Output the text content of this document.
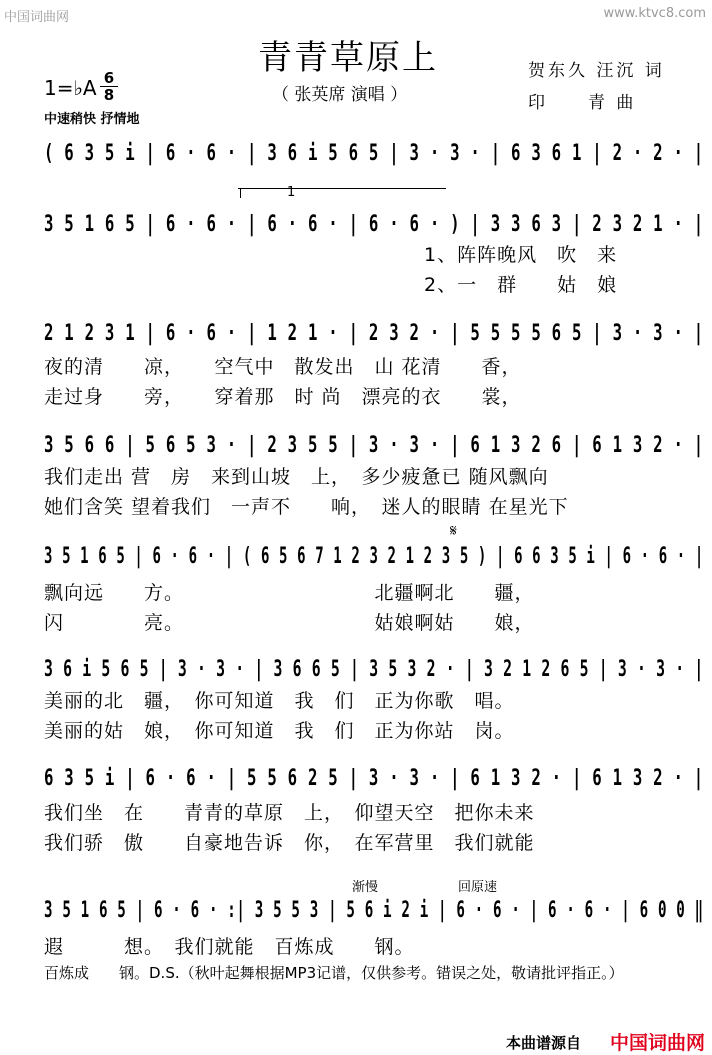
中国词曲网	www.ktvc8.com
青青草原上
（ 张英席 演唱 ）
贺东久 汪沉 词
印　　青 曲
1=♭A 6
8
中速稍快 抒情地
( 6 3 5 i | 6 · 6 · | 3 6 i 5 6 5 | 3 · 3 · | 6 3 6 1 | 2 · 2 · |
1
3 5 1 6 5 | 6 · 6 · | 6 · 6 · | 6 · 6 · ) | 3 3 6 3 | 2 3 2 1 · |
1、阵阵晚风　吹　来
2、一　群　　姑　娘
2 1 2 3 1 | 6 · 6 · | 1 2 1 · | 2 3 2 · | 5 5 5 5 6 5 | 3 · 3 · |
夜的清　　凉，　　空气中　散发出　山 花清　　香，
走过身　　旁，　　穿着那　时 尚　漂亮的衣　　裳，
3 5 6 6 | 5 6 5 3 · | 2 3 5 5 | 3 · 3 · | 6 1 3 2 6 | 6 1 3 2 · |
我们走出 营　房　来到山坡　上，　多少疲惫已 随风飘向
她们含笑 望着我们　一声不　　响，　迷人的眼睛 在星光下
𝄋
3 5 1 6 5 | 6 · 6 · | ( 6 5 6 7 1 2 3 2 1 2 3 5 ) | 6 6 3 5 i | 6 · 6 · |
飘向远　　方。　　　　　　　　　　北疆啊北　　疆，
闪　　　　亮。　　　　　　　　　　姑娘啊姑　　娘，
3 6 i 5 6 5 | 3 · 3 · | 3 6 6 5 | 3 5 3 2 · | 3 2 1 2 6 5 | 3 · 3 · |
美丽的北　疆，　你可知道　我　们　正为你歌　唱。
美丽的姑　娘，　你可知道　我　们　正为你站　岗。
6 3 5 i | 6 · 6 · | 5 5 6 2 5 | 3 · 3 · | 6 1 3 2 · | 6 1 3 2 · |
我们坐　在　　青青的草原　上，　仰望天空　把你未来
我们骄　傲　　自豪地告诉　你，　在军营里　我们就能
渐慢	回原速
3 5 1 6 5 | 6 · 6 · :| 3 5 5 3 | 5 6 i 2 i | 6 · 6 · | 6 · 6 · | 6 0 0 ‖
遐　　　想。　我们就能　百炼成　　钢。
百炼成　　钢。D.S.（秋叶起舞根据MP3记谱，仅供参考。错误之处，敬请批评指正。）
本曲谱源自 中国词曲网
